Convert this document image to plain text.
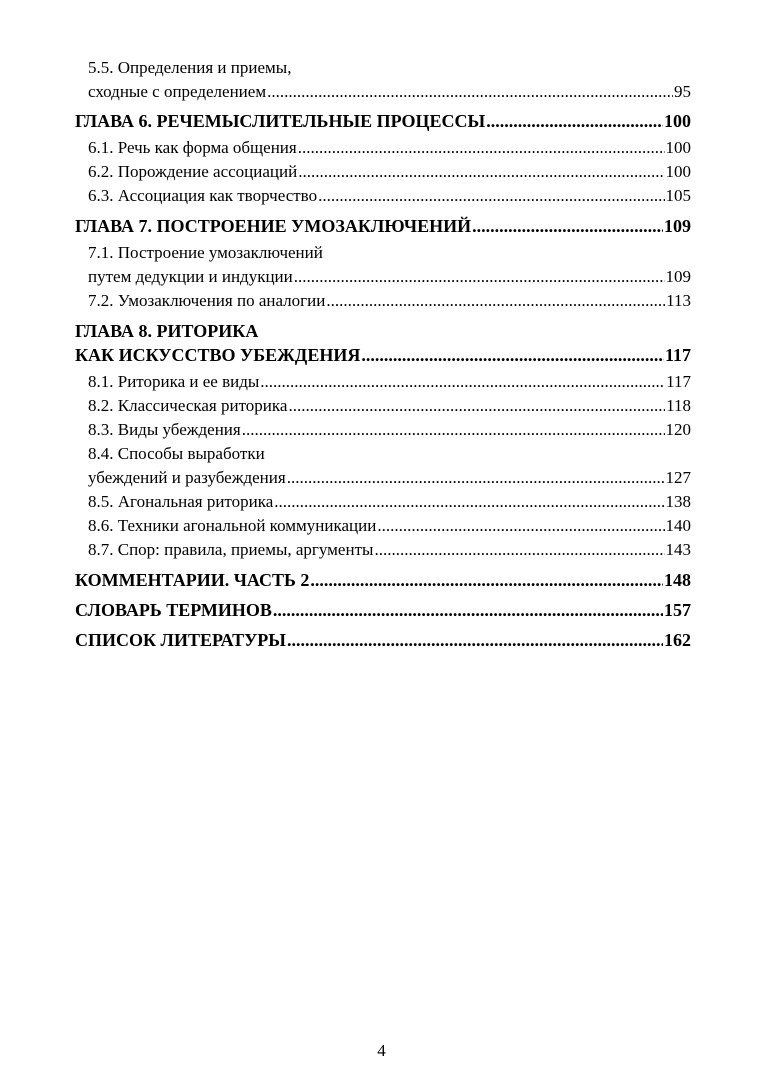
5.5. Определения и приемы,
сходные с определением .....	95
ГЛАВА 6. РЕЧЕМЫСЛИТЕЛЬНЫЕ ПРОЦЕССЫ .....	100
6.1. Речь как форма общения .....	100
6.2. Порождение ассоциаций .....	100
6.3. Ассоциация как творчество .....	105
ГЛАВА 7. ПОСТРОЕНИЕ УМОЗАКЛЮЧЕНИЙ .....	109
7.1. Построение умозаключений
путем дедукции и индукции .....	109
7.2. Умозаключения по аналогии .....	113
ГЛАВА 8. РИТОРИКА
КАК ИСКУССТВО УБЕЖДЕНИЯ .....	117
8.1. Риторика и ее виды .....	117
8.2. Классическая риторика .....	118
8.3. Виды убеждения .....	120
8.4. Способы выработки
убеждений и разубеждения .....	127
8.5. Агональная риторика .....	138
8.6. Техники агональной коммуникации .....	140
8.7. Спор: правила, приемы, аргументы .....	143
КОММЕНТАРИИ. ЧАСТЬ 2 .....	148
СЛОВАРЬ ТЕРМИНОВ .....	157
СПИСОК ЛИТЕРАТУРЫ .....	162
4
